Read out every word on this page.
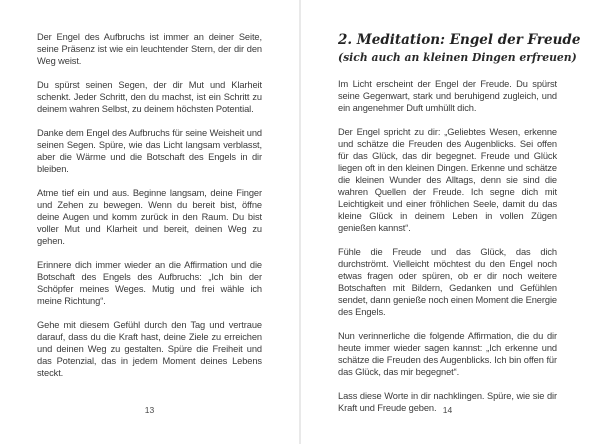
Der Engel des Aufbruchs ist immer an deiner Seite, seine Präsenz ist wie ein leuchtender Stern, der dir den Weg weist.

Du spürst seinen Segen, der dir Mut und Klarheit schenkt. Jeder Schritt, den du machst, ist ein Schritt zu deinem wahren Selbst, zu deinem höchsten Potential.

Danke dem Engel des Aufbruchs für seine Weisheit und seinen Segen. Spüre, wie das Licht langsam verblasst, aber die Wärme und die Botschaft des Engels in dir bleiben.

Atme tief ein und aus. Beginne langsam, deine Finger und Zehen zu bewegen. Wenn du bereit bist, öffne deine Augen und komm zurück in den Raum. Du bist voller Mut und Klarheit und bereit, deinen Weg zu gehen.

Erinnere dich immer wieder an die Affirmation und die Botschaft des Engels des Aufbruchs: „Ich bin der Schöpfer meines Weges. Mutig und frei wähle ich meine Richtung“.

Gehe mit diesem Gefühl durch den Tag und vertraue darauf, dass du die Kraft hast, deine Ziele zu erreichen und deinen Weg zu gestalten. Spüre die Freiheit und das Potenzial, das in jedem Moment deines Lebens steckt.

13
2. Meditation: Engel der Freude
(sich auch an kleinen Dingen erfreuen)

Im Licht erscheint der Engel der Freude. Du spürst seine Gegenwart, stark und beruhigend zugleich, und ein angenehmer Duft umhüllt dich.

Der Engel spricht zu dir: „Geliebtes Wesen, erkenne und schätze die Freuden des Augenblicks. Sei offen für das Glück, das dir begegnet. Freude und Glück liegen oft in den kleinen Dingen. Erkenne und schätze die kleinen Wunder des Alltags, denn sie sind die wahren Quellen der Freude. Ich segne dich mit Leichtigkeit und einer fröhlichen Seele, damit du das kleine Glück in deinem Leben in vollen Zügen genießen kannst“.

Fühle die Freude und das Glück, das dich durchströmt. Vielleicht möchtest du den Engel noch etwas fragen oder spüren, ob er dir noch weitere Botschaften mit Bildern, Gedanken und Gefühlen sendet, dann genieße noch einen Moment die Energie des Engels.

Nun verinnerliche die folgende Affirmation, die du dir heute immer wieder sagen kannst: „Ich erkenne und schätze die Freuden des Augenblicks. Ich bin offen für das Glück, das mir begegnet“.

Lass diese Worte in dir nachklingen. Spüre, wie sie dir Kraft und Freude geben. 14
